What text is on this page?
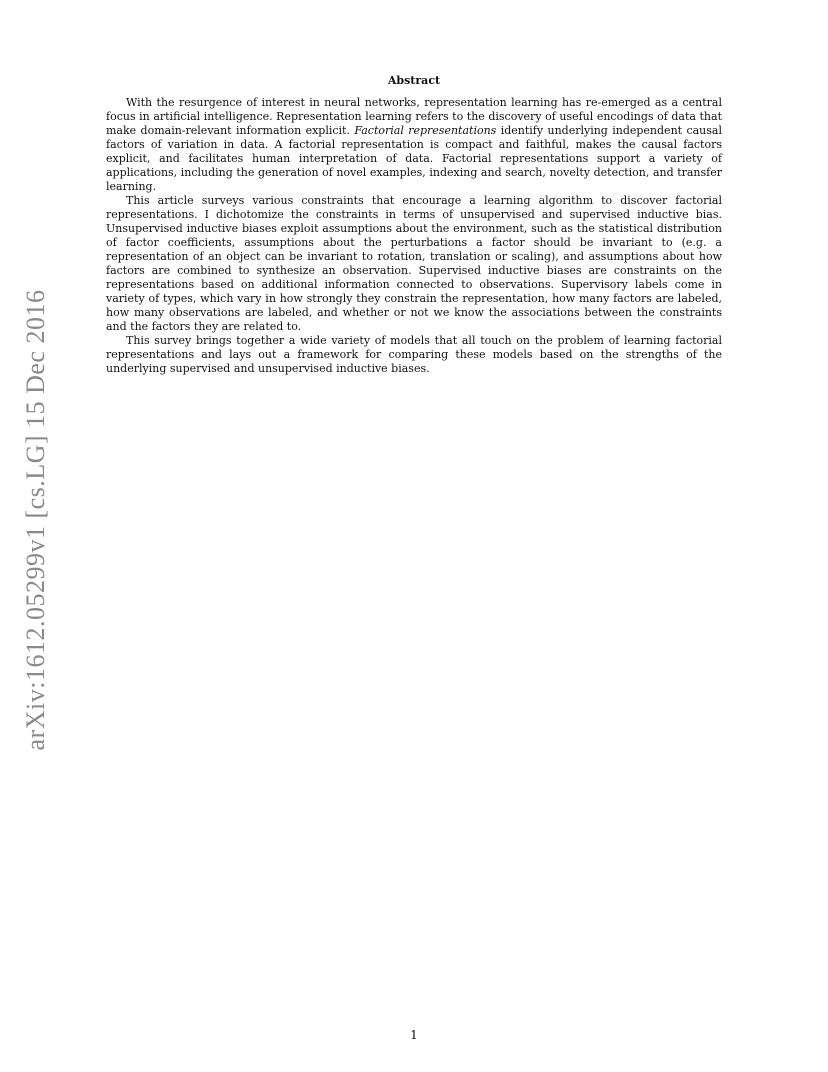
arXiv:1612.05299v1 [cs.LG] 15 Dec 2016
Abstract

With the resurgence of interest in neural networks, representation learning has re-emerged as a central focus in artificial intelligence. Representation learning refers to the discovery of useful encodings of data that make domain-relevant information explicit. Factorial representations identify underlying independent causal factors of variation in data. A factorial representation is compact and faithful, makes the causal factors explicit, and facilitates human interpretation of data. Factorial representations support a variety of applications, including the generation of novel examples, indexing and search, novelty detection, and transfer learning.

This article surveys various constraints that encourage a learning algorithm to discover factorial representations. I dichotomize the constraints in terms of unsupervised and supervised inductive bias. Unsupervised inductive biases exploit assumptions about the environment, such as the statistical distribution of factor coefficients, assumptions about the perturbations a factor should be invariant to (e.g. a representation of an object can be invariant to rotation, translation or scaling), and assumptions about how factors are combined to synthesize an observation. Supervised inductive biases are constraints on the representations based on additional information connected to observations. Supervisory labels come in variety of types, which vary in how strongly they constrain the representation, how many factors are labeled, how many observations are labeled, and whether or not we know the associations between the constraints and the factors they are related to.

This survey brings together a wide variety of models that all touch on the problem of learning factorial representations and lays out a framework for comparing these models based on the strengths of the underlying supervised and unsupervised inductive biases.

1
